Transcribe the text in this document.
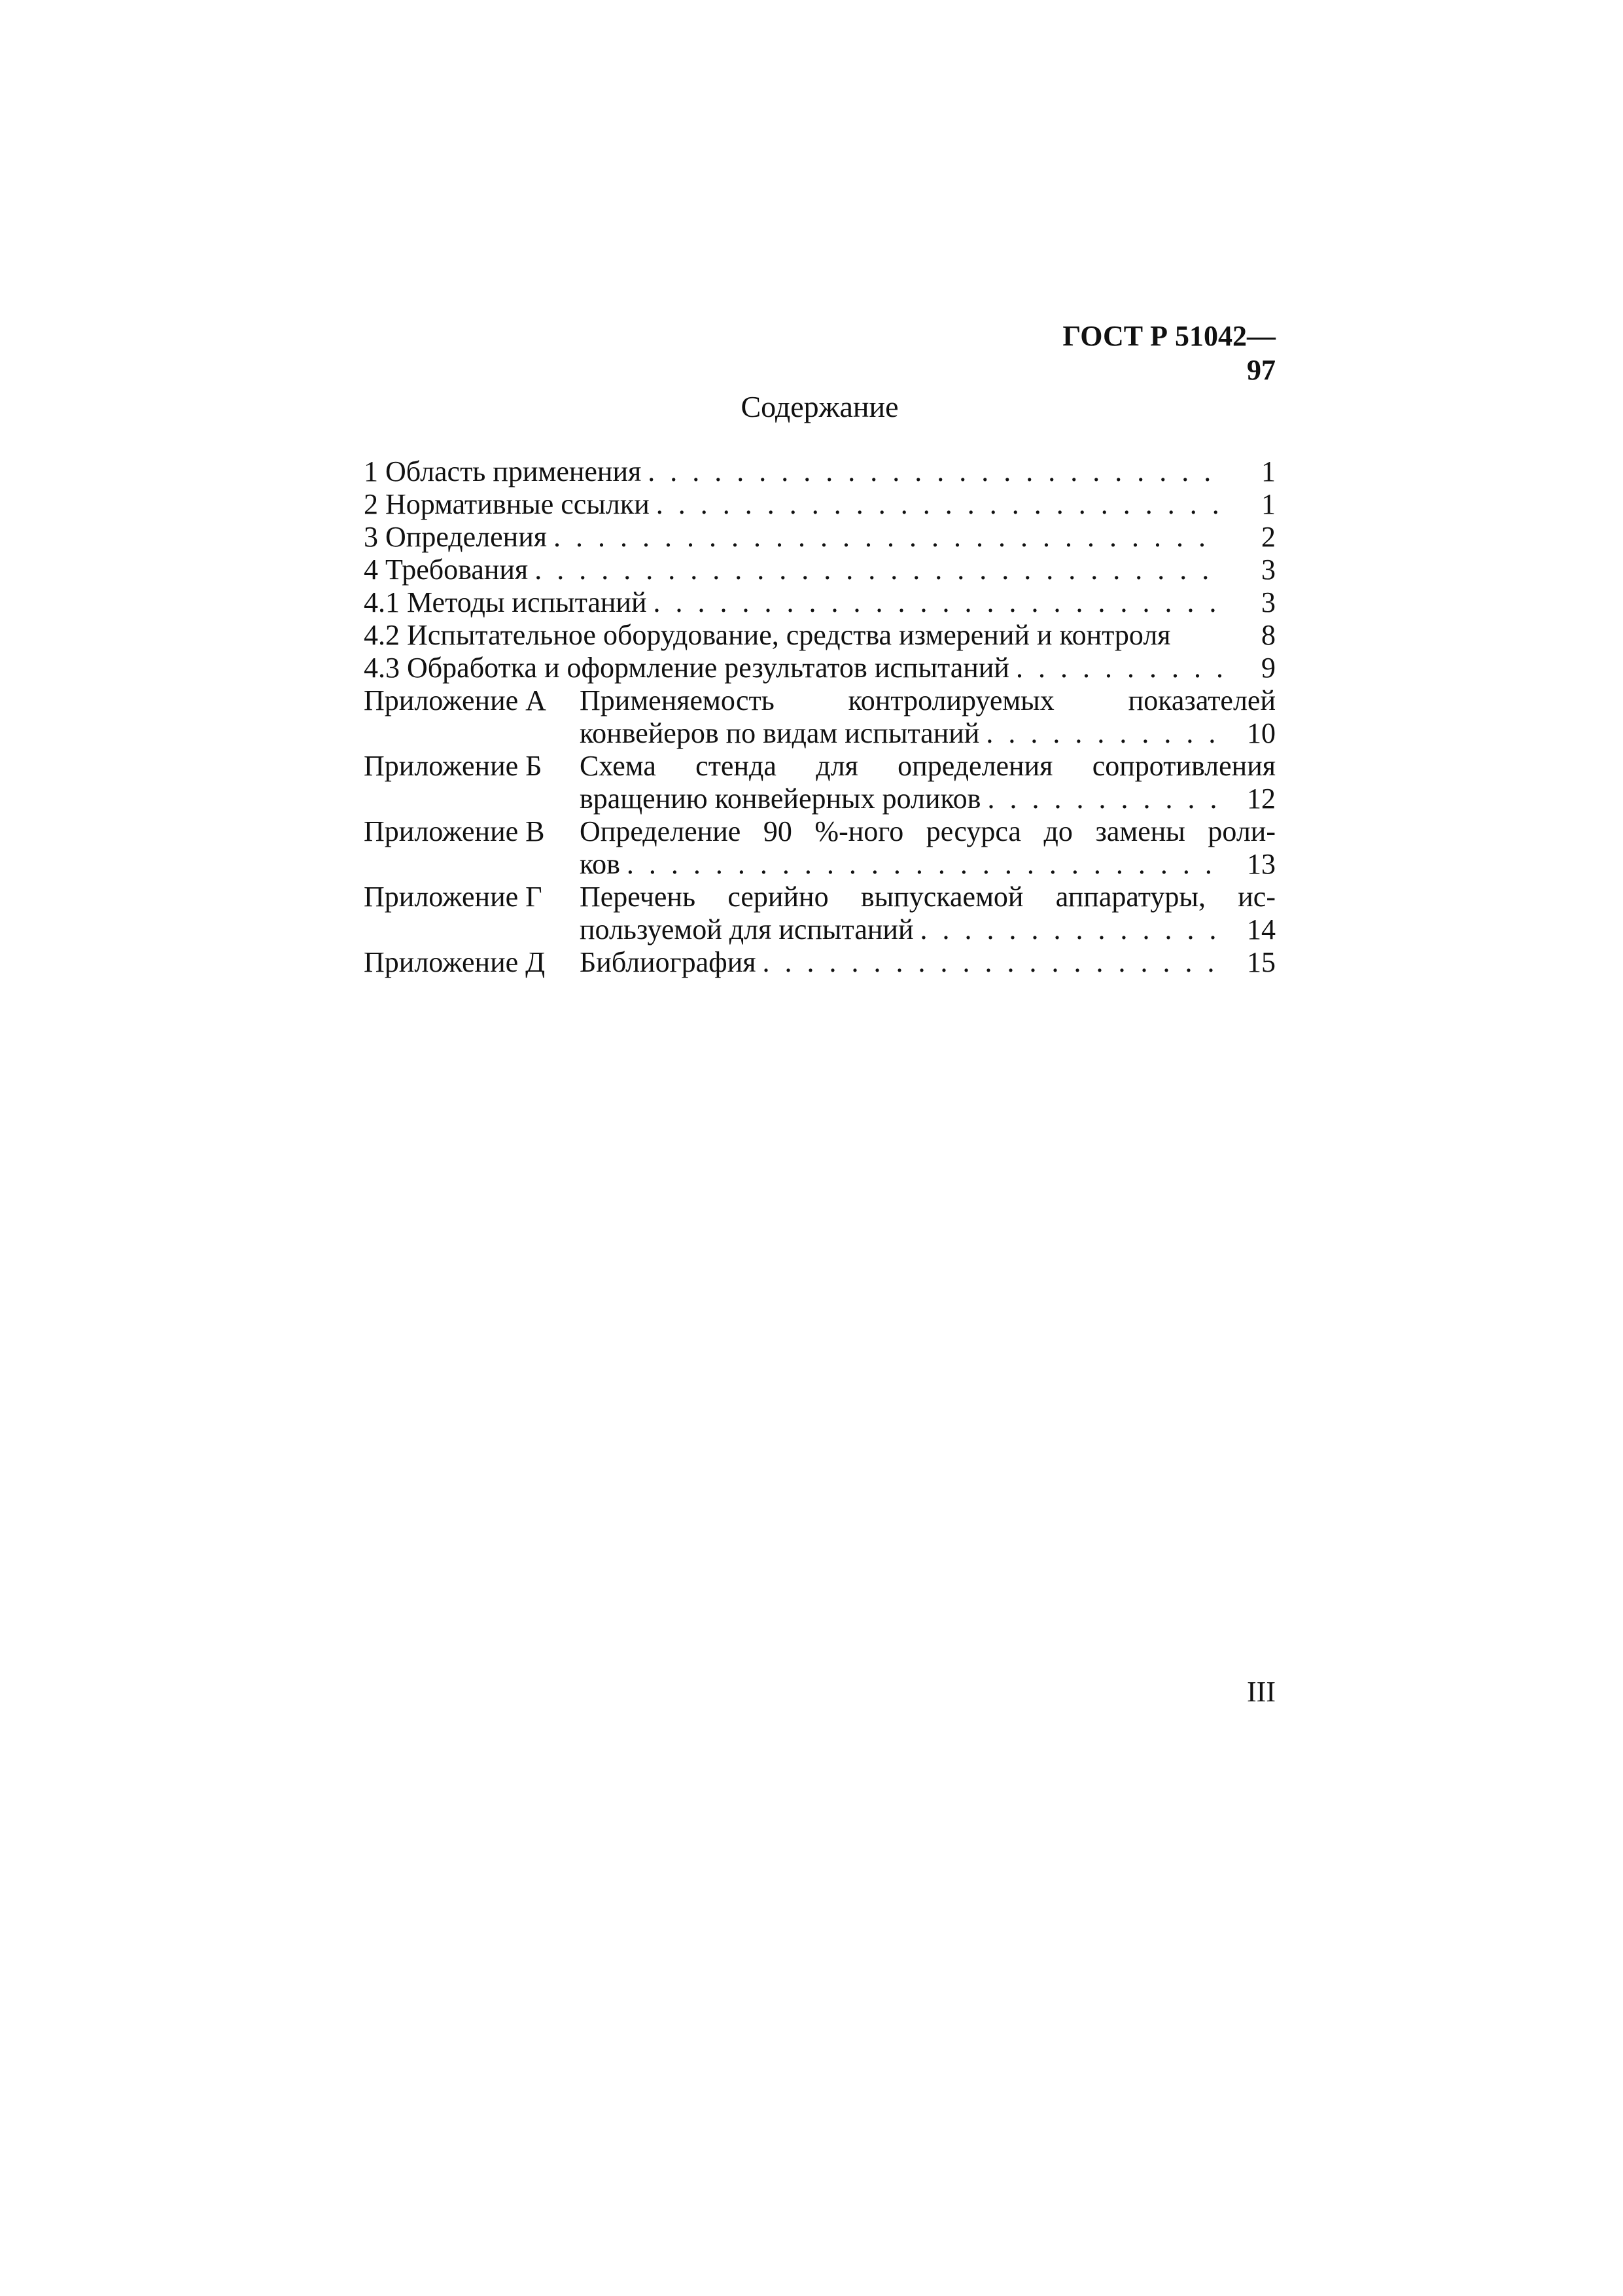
ГОСТ Р 51042—97
Содержание
1 Область применения . . .	1
2 Нормативные ссылки . . .	1
3 Определения . . .	2
4 Требования . . .	3
4.1 Методы испытаний . . .	3
4.2 Испытательное оборудование, средства измерений и контроля	8
4.3 Обработка и оформление результатов испытаний . . .	9
Приложение А	Применяемость контролируемых показателей
конвейеров по видам испытаний . . .	10
Приложение Б	Схема стенда для определения сопротивления
вращению конвейерных роликов . . .	12
Приложение В	Определение 90 %-ного ресурса до замены роли-
ков . . .	13
Приложение Г	Перечень серийно выпускаемой аппаратуры, ис-
пользуемой для испытаний . . .	14
Приложение Д	Библиография . . .	15
III
